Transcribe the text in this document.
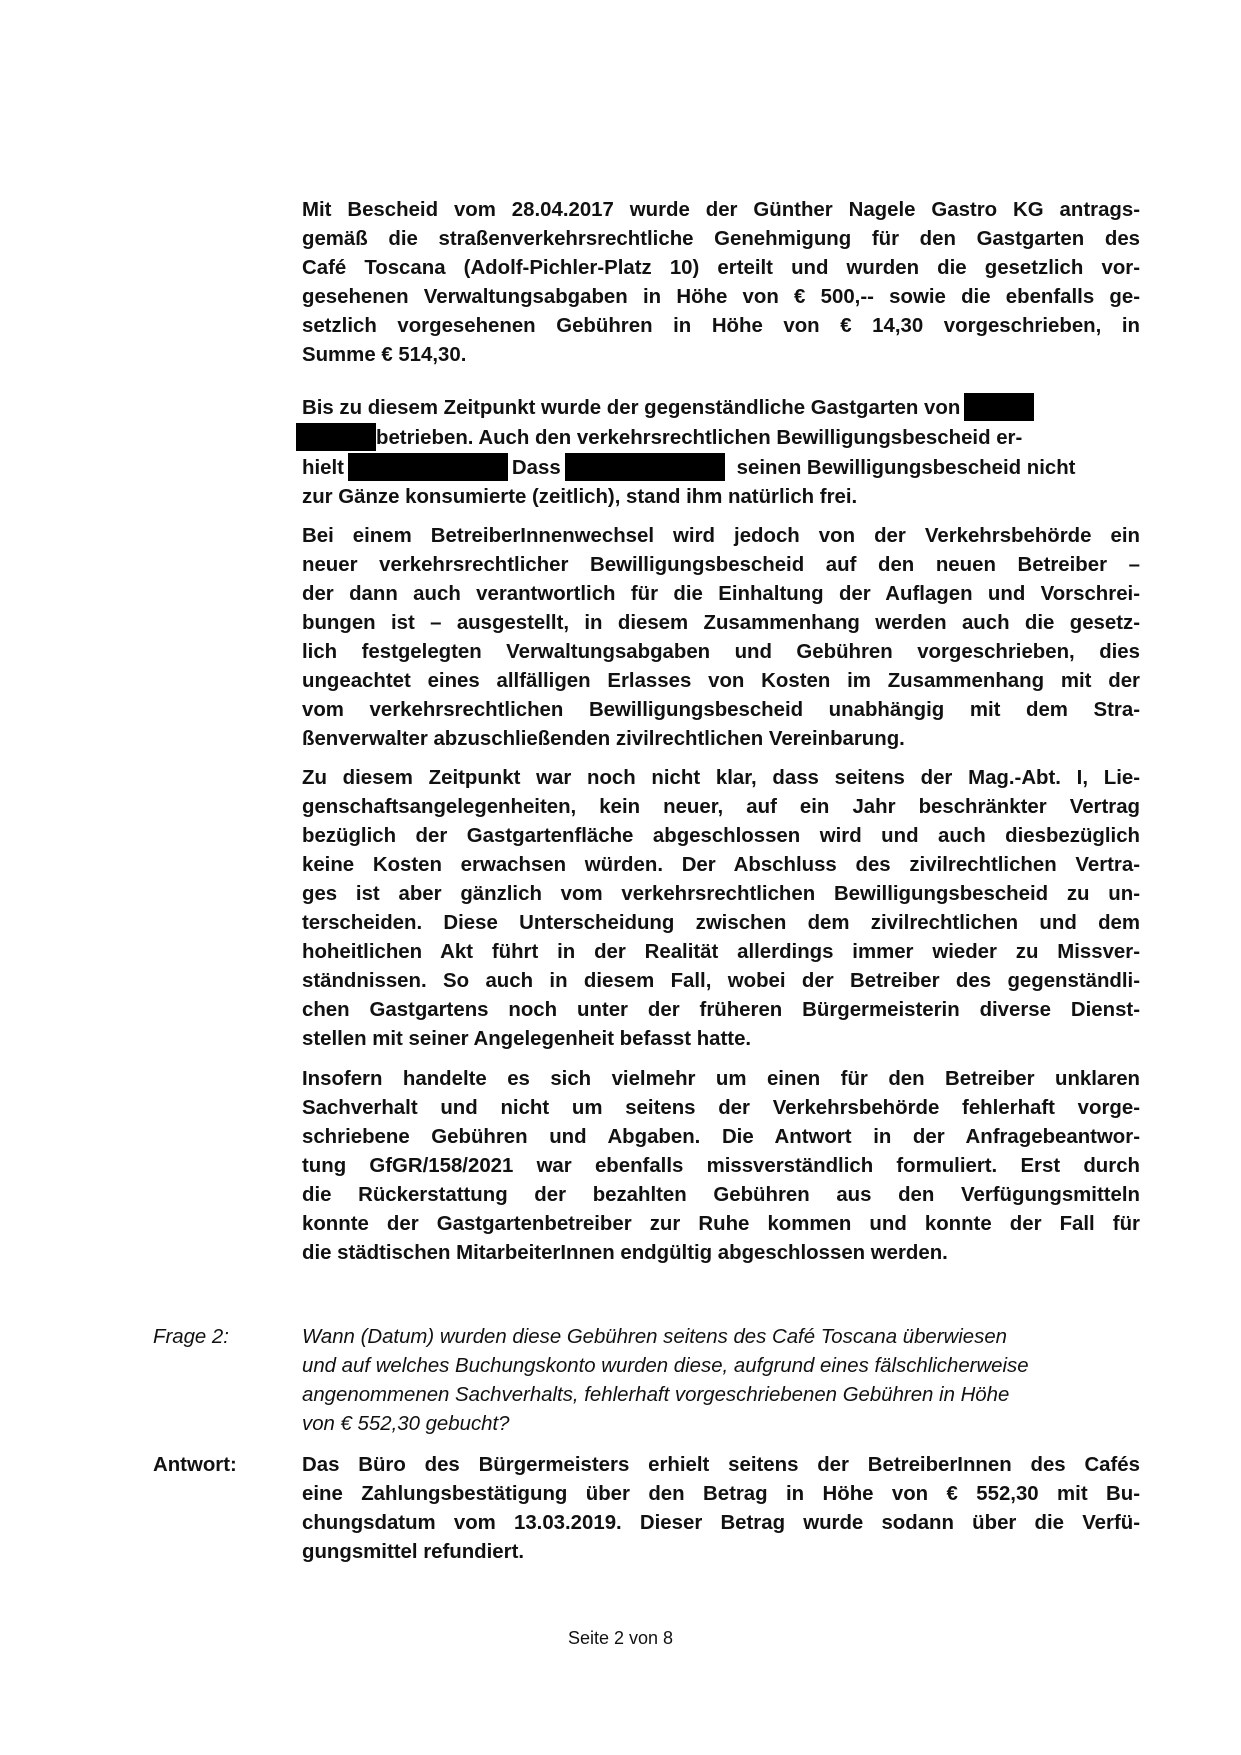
Mit Bescheid vom 28.04.2017 wurde der Günther Nagele Gastro KG antrags-
gemäß die straßenverkehrsrechtliche Genehmigung für den Gastgarten des
Café Toscana (Adolf-Pichler-Platz 10) erteilt und wurden die gesetzlich vor-
gesehenen Verwaltungsabgaben in Höhe von € 500,-- sowie die ebenfalls ge-
setzlich vorgesehenen Gebühren in Höhe von € 14,30 vorgeschrieben, in
Summe € 514,30.
Bis zu diesem Zeitpunkt wurde der gegenständliche Gastgarten von
betrieben. Auch den verkehrsrechtlichen Bewilligungsbescheid er-
hielt	Dass	seinen Bewilligungsbescheid nicht
zur Gänze konsumierte (zeitlich), stand ihm natürlich frei.
Bei einem BetreiberInnenwechsel wird jedoch von der Verkehrsbehörde ein
neuer verkehrsrechtlicher Bewilligungsbescheid auf den neuen Betreiber –
der dann auch verantwortlich für die Einhaltung der Auflagen und Vorschrei-
bungen ist – ausgestellt, in diesem Zusammenhang werden auch die gesetz-
lich festgelegten Verwaltungsabgaben und Gebühren vorgeschrieben, dies
ungeachtet eines allfälligen Erlasses von Kosten im Zusammenhang mit der
vom verkehrsrechtlichen Bewilligungsbescheid unabhängig mit dem Stra-
ßenverwalter abzuschließenden zivilrechtlichen Vereinbarung.
Zu diesem Zeitpunkt war noch nicht klar, dass seitens der Mag.-Abt. I, Lie-
genschaftsangelegenheiten, kein neuer, auf ein Jahr beschränkter Vertrag
bezüglich der Gastgartenfläche abgeschlossen wird und auch diesbezüglich
keine Kosten erwachsen würden. Der Abschluss des zivilrechtlichen Vertra-
ges ist aber gänzlich vom verkehrsrechtlichen Bewilligungsbescheid zu un-
terscheiden. Diese Unterscheidung zwischen dem zivilrechtlichen und dem
hoheitlichen Akt führt in der Realität allerdings immer wieder zu Missver-
ständnissen. So auch in diesem Fall, wobei der Betreiber des gegenständli-
chen Gastgartens noch unter der früheren Bürgermeisterin diverse Dienst-
stellen mit seiner Angelegenheit befasst hatte.
Insofern handelte es sich vielmehr um einen für den Betreiber unklaren
Sachverhalt und nicht um seitens der Verkehrsbehörde fehlerhaft vorge-
schriebene Gebühren und Abgaben. Die Antwort in der Anfragebeantwor-
tung GfGR/158/2021 war ebenfalls missverständlich formuliert. Erst durch
die Rückerstattung der bezahlten Gebühren aus den Verfügungsmitteln
konnte der Gastgartenbetreiber zur Ruhe kommen und konnte der Fall für
die städtischen MitarbeiterInnen endgültig abgeschlossen werden.
Frage 2:	Wann (Datum) wurden diese Gebühren seitens des Café Toscana überwiesen
und auf welches Buchungskonto wurden diese, aufgrund eines fälschlicherweise
angenommenen Sachverhalts, fehlerhaft vorgeschriebenen Gebühren in Höhe
von € 552,30 gebucht?
Antwort:	Das Büro des Bürgermeisters erhielt seitens der BetreiberInnen des Cafés
eine Zahlungsbestätigung über den Betrag in Höhe von € 552,30 mit Bu-
chungsdatum vom 13.03.2019. Dieser Betrag wurde sodann über die Verfü-
gungsmittel refundiert.
Seite 2 von 8
